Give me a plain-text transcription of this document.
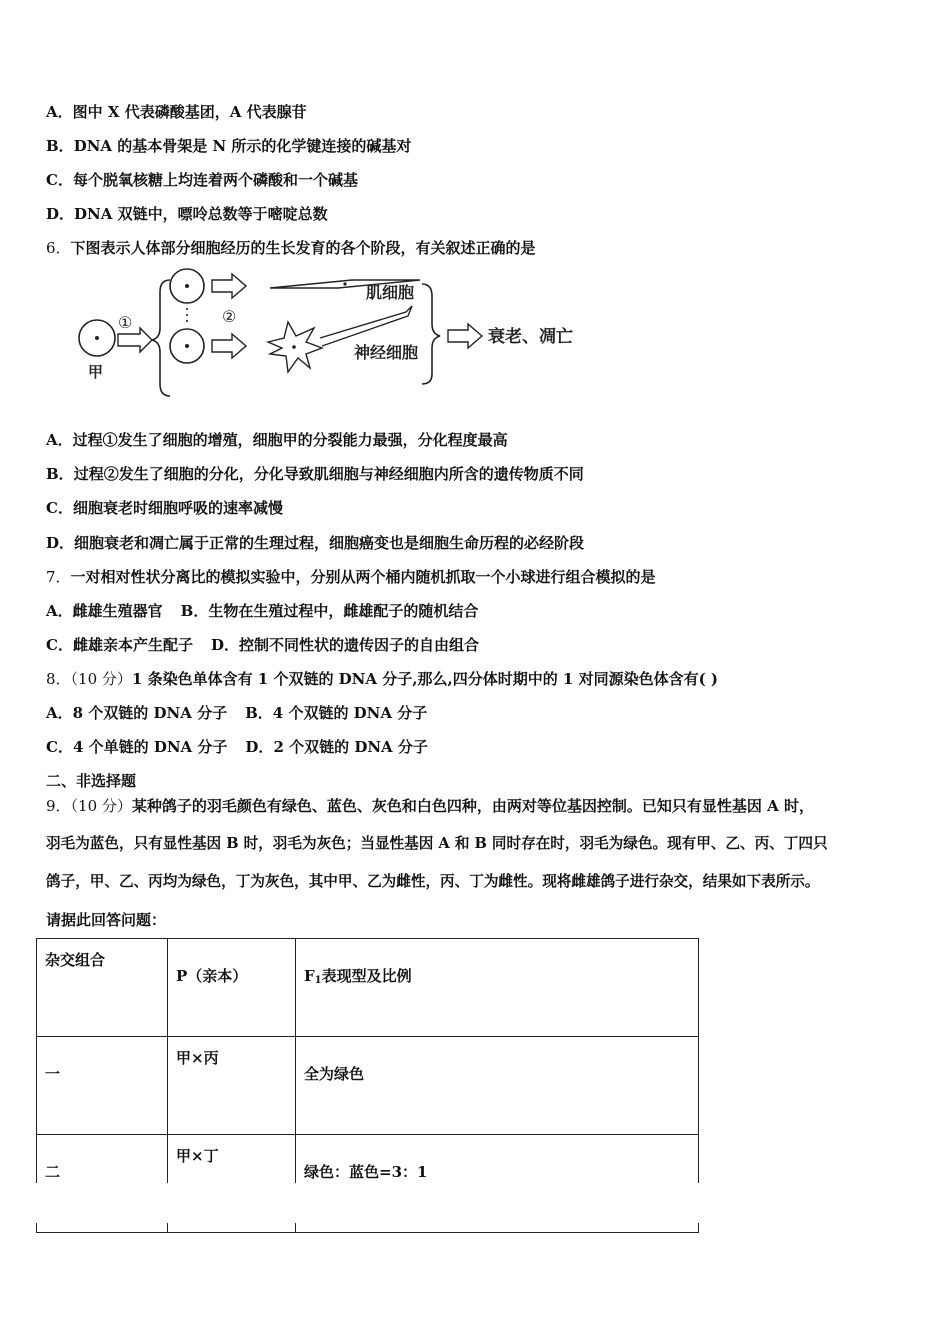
A．图中 X 代表磷酸基团，A 代表腺苷
B．DNA 的基本骨架是 N 所示的化学键连接的碱基对
C．每个脱氧核糖上均连着两个磷酸和一个碱基
D．DNA 双链中，嘌呤总数等于嘧啶总数
6．下图表示人体部分细胞经历的生长发育的各个阶段，有关叙述正确的是
甲
①
肌细胞
②
神经细胞
衰老、凋亡
A．过程①发生了细胞的增殖，细胞甲的分裂能力最强，分化程度最高
B．过程②发生了细胞的分化，分化导致肌细胞与神经细胞内所含的遗传物质不同
C．细胞衰老时细胞呼吸的速率减慢
D．细胞衰老和凋亡属于正常的生理过程，细胞癌变也是细胞生命历程的必经阶段
7．一对相对性状分离比的模拟实验中，分别从两个桶内随机抓取一个小球进行组合模拟的是
A．雌雄生殖器官 B．生物在生殖过程中，雌雄配子的随机结合
C．雌雄亲本产生配子 D．控制不同性状的遗传因子的自由组合
8．（10 分）1 条染色单体含有 1 个双链的 DNA 分子,那么,四分体时期中的 1 对同源染色体含有( )
A．8 个双链的 DNA 分子 B．4 个双链的 DNA 分子
C．4 个单链的 DNA 分子 D．2 个双链的 DNA 分子
二、非选择题
9．（10 分）某种鸽子的羽毛颜色有绿色、蓝色、灰色和白色四种，由两对等位基因控制。已知只有显性基因 A 时，
羽毛为蓝色，只有显性基因 B 时，羽毛为灰色；当显性基因 A 和 B 同时存在时，羽毛为绿色。现有甲、乙、丙、丁四只
鸽子，甲、乙、丙均为绿色，丁为灰色，其中甲、乙为雌性，丙、丁为雌性。现将雌雄鸽子进行杂交，结果如下表所示。
请据此回答问题：
杂交组合	P（亲本）	$F_1$表现型及比例
一	甲×丙	全为绿色
二	甲×丁	绿色：蓝色=3：1
